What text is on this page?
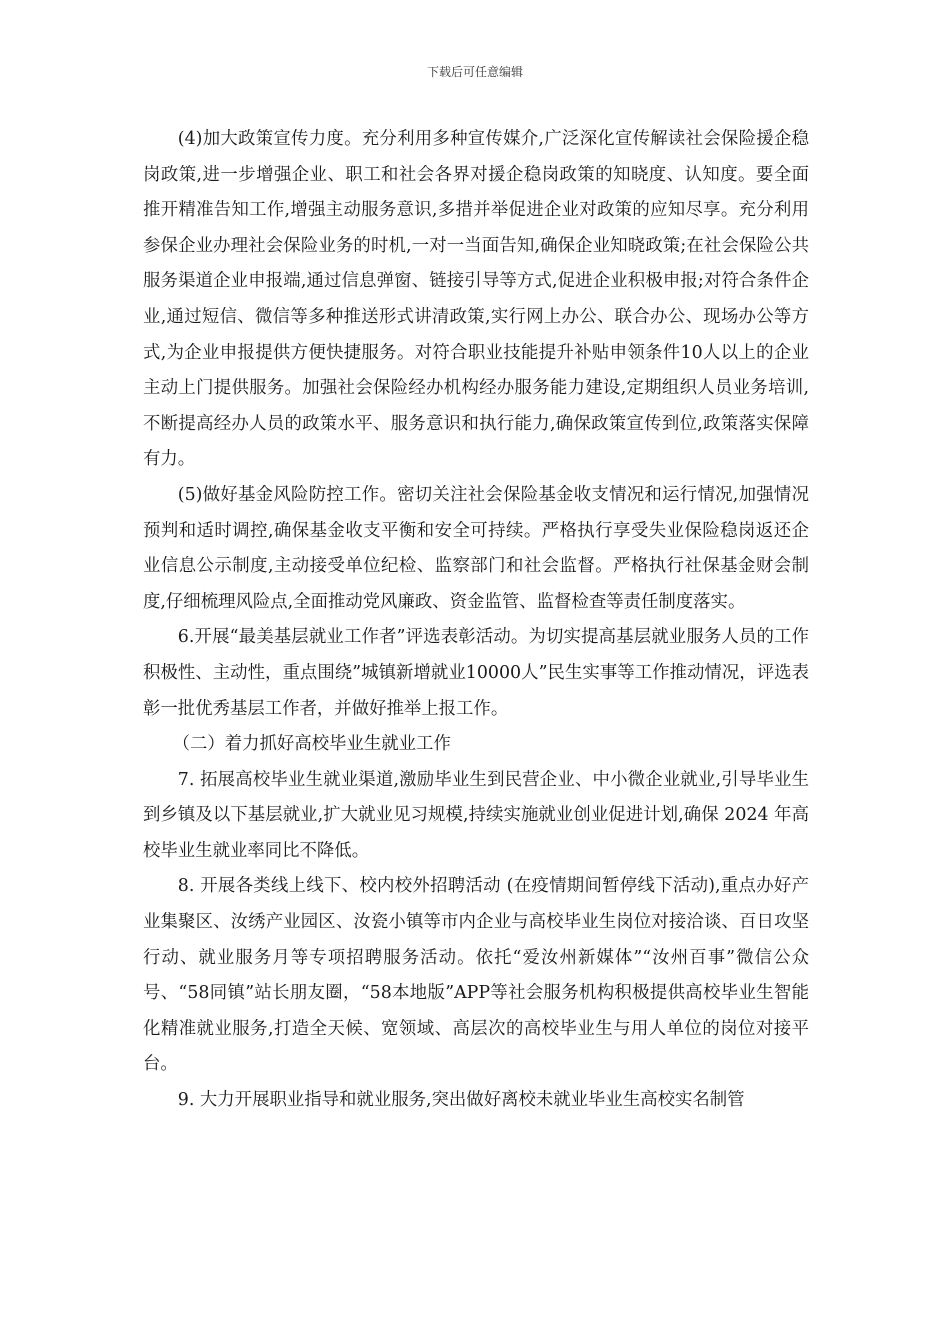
下载后可任意编辑

(4)加大政策宣传力度。充分利用多种宣传媒介,广泛深化宣传解读社会保险援企稳岗政策,进一步增强企业、职工和社会各界对援企稳岗政策的知晓度、认知度。要全面推开精准告知工作,增强主动服务意识,多措并举促进企业对政策的应知尽享。充分利用参保企业办理社会保险业务的时机,一对一当面告知,确保企业知晓政策;在社会保险公共服务渠道企业申报端,通过信息弹窗、链接引导等方式,促进企业积极申报;对符合条件企业,通过短信、微信等多种推送形式讲清政策,实行网上办公、联合办公、现场办公等方式,为企业申报提供方便快捷服务。对符合职业技能提升补贴申领条件10人以上的企业主动上门提供服务。加强社会保险经办机构经办服务能力建设,定期组织人员业务培训,不断提高经办人员的政策水平、服务意识和执行能力,确保政策宣传到位,政策落实保障有力。

(5)做好基金风险防控工作。密切关注社会保险基金收支情况和运行情况,加强情况预判和适时调控,确保基金收支平衡和安全可持续。严格执行享受失业保险稳岗返还企业信息公示制度,主动接受单位纪检、监察部门和社会监督。严格执行社保基金财会制度,仔细梳理风险点,全面推动党风廉政、资金监管、监督检查等责任制度落实。

6.开展“最美基层就业工作者”评选表彰活动。为切实提高基层就业服务人员的工作积极性、主动性，重点围绕”城镇新增就业10000人”民生实事等工作推动情况，评选表彰一批优秀基层工作者，并做好推举上报工作。

（二）着力抓好高校毕业生就业工作

7. 拓展高校毕业生就业渠道,激励毕业生到民营企业、中小微企业就业,引导毕业生到乡镇及以下基层就业,扩大就业见习规模,持续实施就业创业促进计划,确保 2024 年高校毕业生就业率同比不降低。

8. 开展各类线上线下、校内校外招聘活动 (在疫情期间暂停线下活动),重点办好产业集聚区、汝绣产业园区、汝瓷小镇等市内企业与高校毕业生岗位对接洽谈、百日攻坚行动、就业服务月等专项招聘服务活动。依托“爱汝州新媒体”“汝州百事”微信公众号、“58同镇”站长朋友圈，“58本地版”APP等社会服务机构积极提供高校毕业生智能化精准就业服务,打造全天候、宽领域、高层次的高校毕业生与用人单位的岗位对接平台。

9. 大力开展职业指导和就业服务,突出做好离校未就业毕业生高校实名制管
